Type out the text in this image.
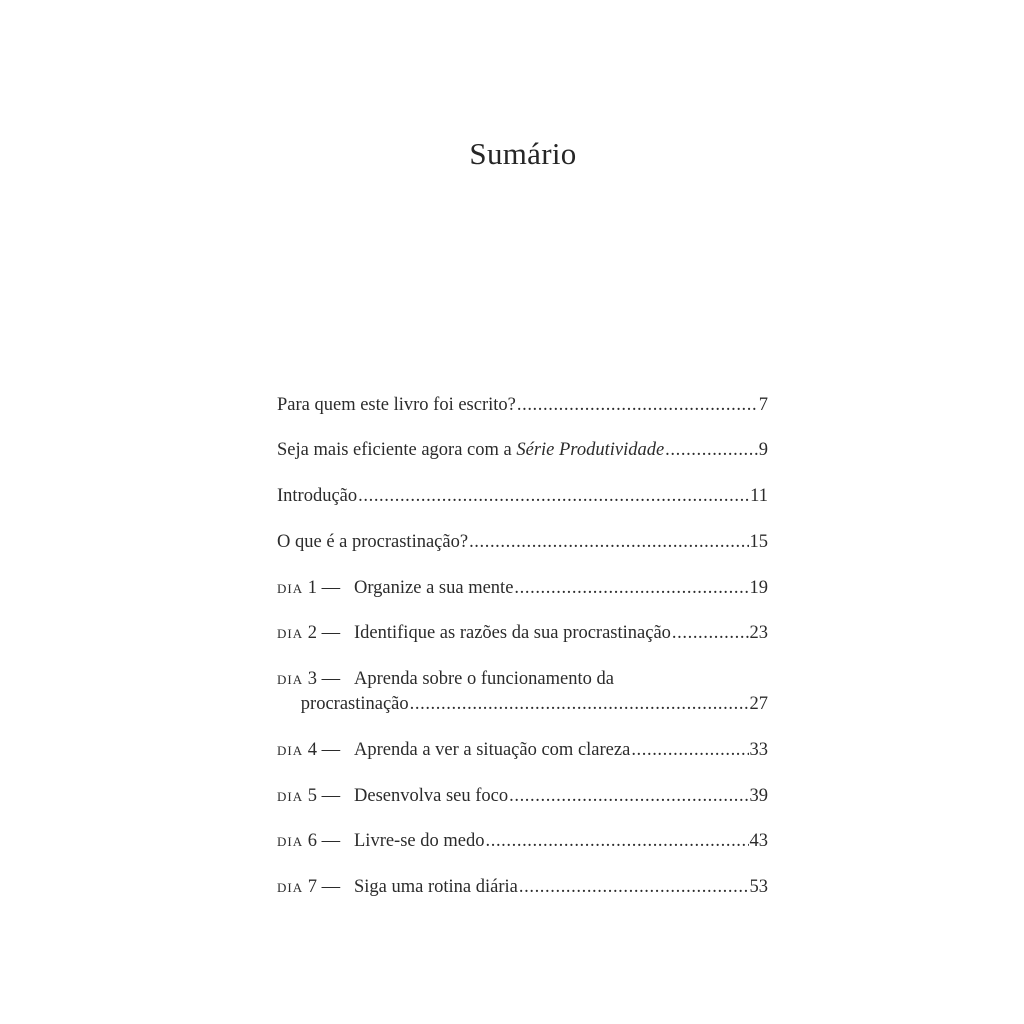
Sumário
Para quem este livro foi escrito? .....	7
Seja mais eficiente agora com a Série Produtividade .....	9
Introdução .....	11
O que é a procrastinação? .....	15
dia 1 — Organize a sua mente .....	19
dia 2 — Identifique as razões da sua procrastinação .....	23
dia 3 — Aprenda sobre o funcionamento da
procrastinação .....	27
dia 4 — Aprenda a ver a situação com clareza .....	33
dia 5 — Desenvolva seu foco .....	39
dia 6 — Livre-se do medo .....	43
dia 7 — Siga uma rotina diária .....	53
